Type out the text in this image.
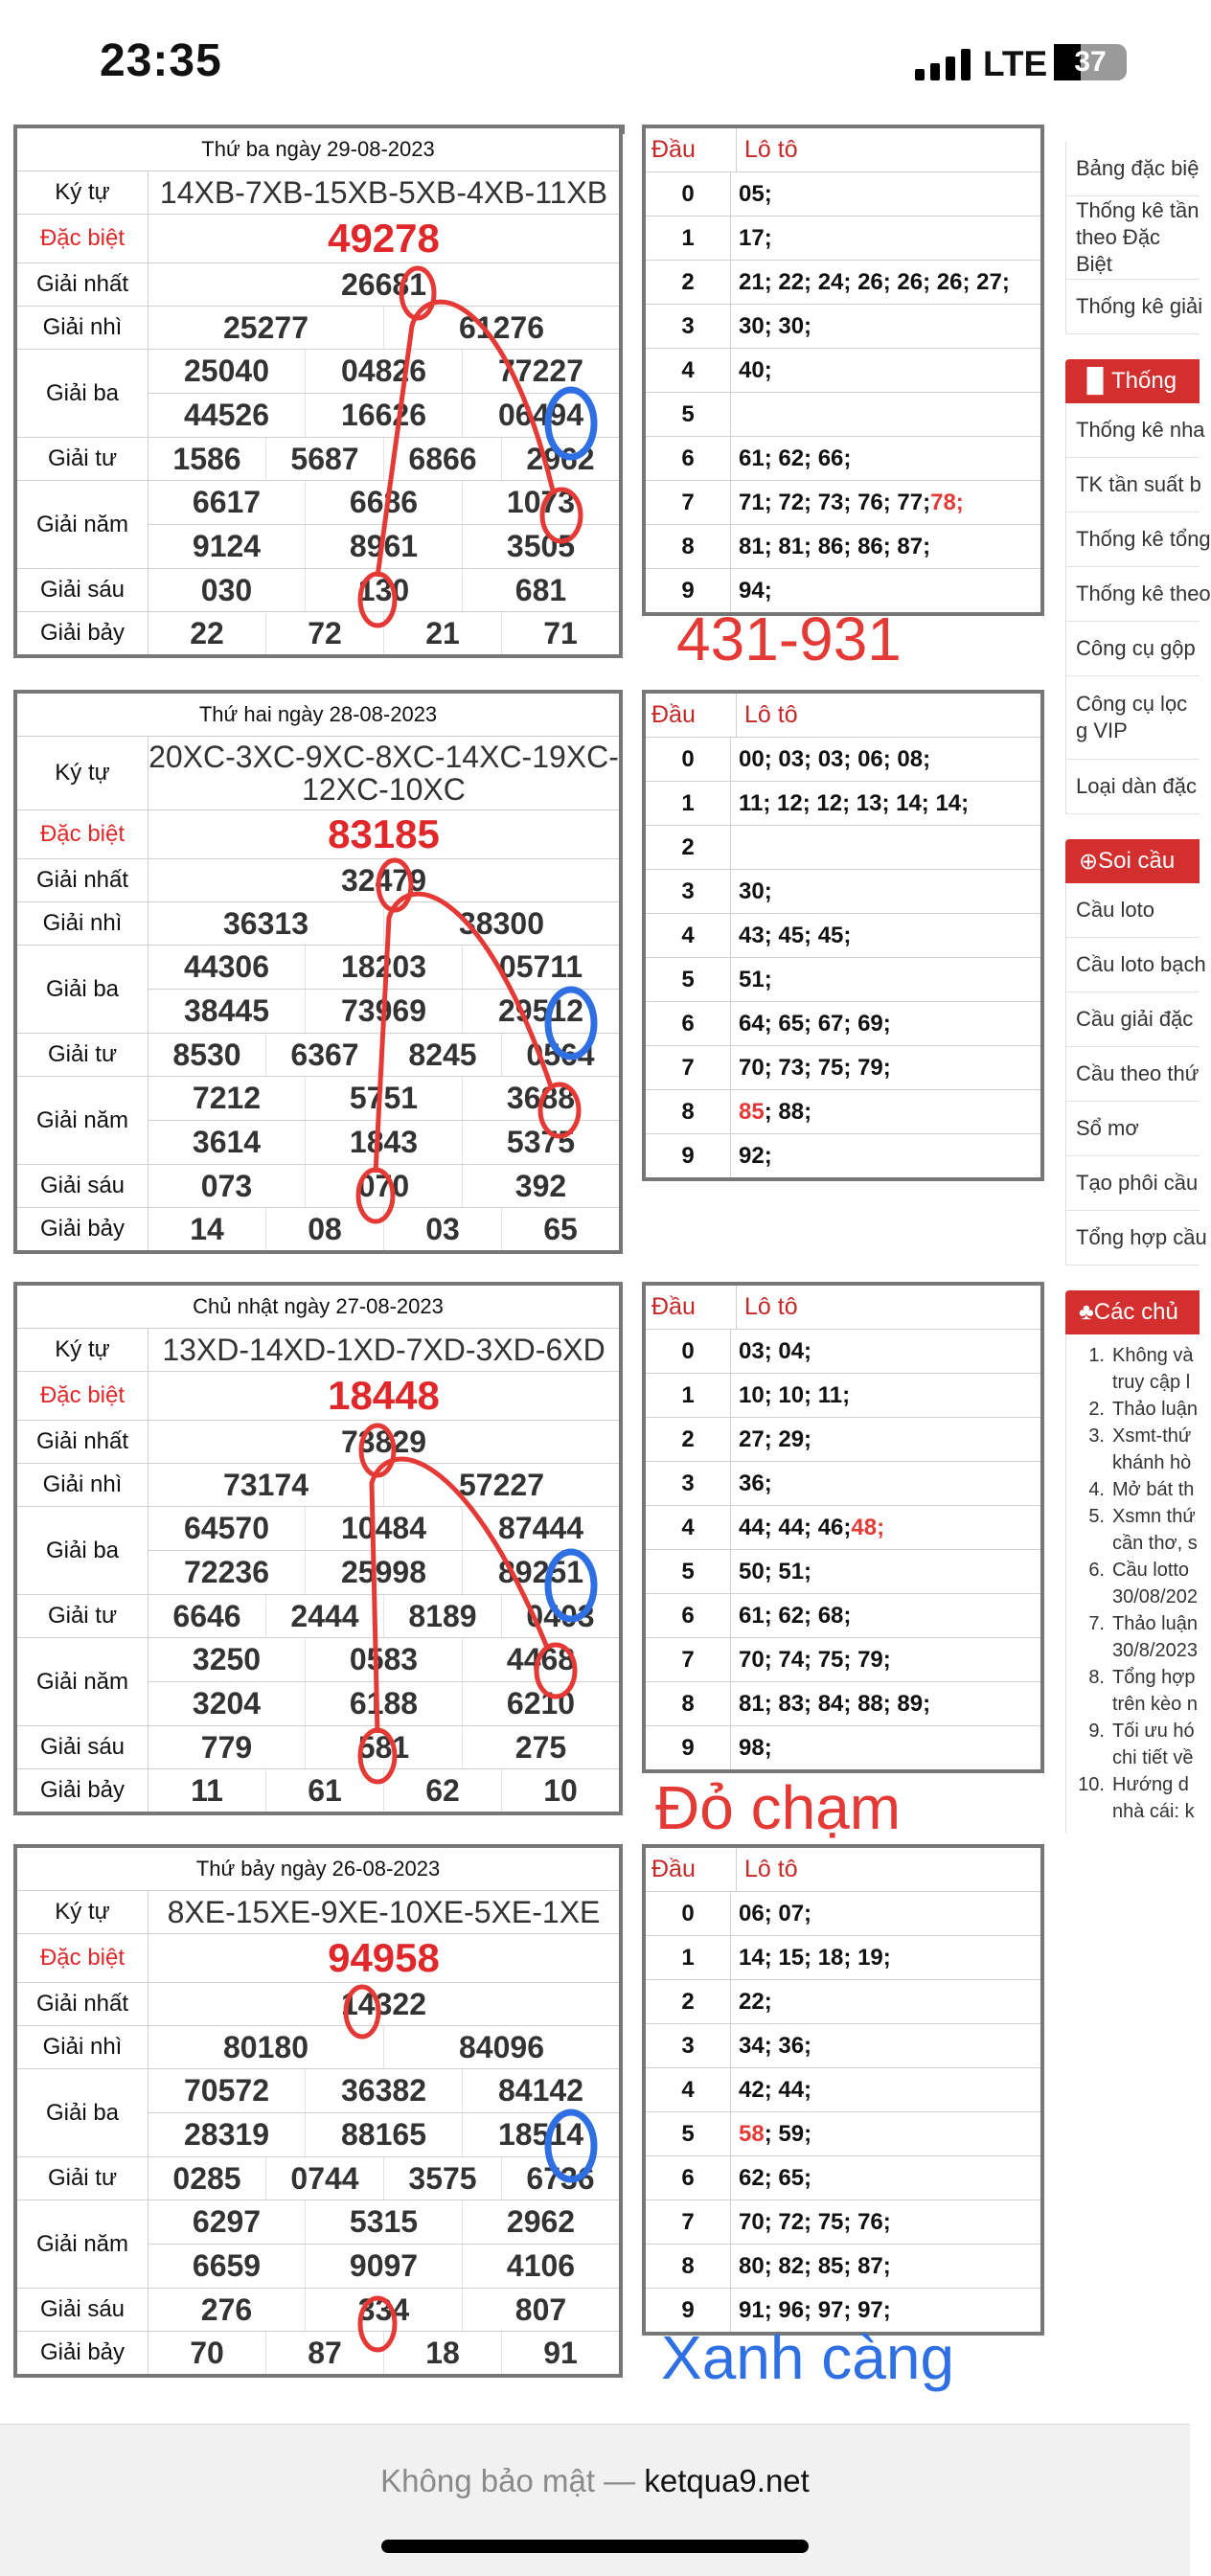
23:35	LTE 37
Thứ ba ngày 29-08-2023
Ký tự	14XB-7XB-15XB-5XB-4XB-11XB
Đặc biệt	49278
Giải nhất	26681
Giải nhì	25277	61276
Giải ba
25040	04826	77227
44526	16626	06494
Giải tư	1586	5687	6866	2962
Giải năm
6617	6686	1073
9124	8961	3505
Giải sáu	030	130	681
Giải bảy	22	72	21	71
Đầu	Lô tô
0	05;
1	17;
2	21; 22; 24; 26; 26; 26; 27;
3	30; 30;
4	40;
5
6	61; 62; 66;
7	71; 72; 73; 76; 77; 78;
8	81; 81; 86; 86; 87;
9	94;
Thứ hai ngày 28-08-2023
Ký tự	20XC-3XC-9XC-8XC-14XC-19XC-12XC-10XC
Đặc biệt	83185
Giải nhất	32479
Giải nhì	36313	38300
Giải ba
44306	18203	05711
38445	73969	29512
Giải tư	8530	6367	8245	0564
Giải năm
7212	5751	3688
3614	1843	5375
Giải sáu	073	070	392
Giải bảy	14	08	03	65
Đầu	Lô tô
0	00; 03; 03; 06; 08;
1	11; 12; 12; 13; 14; 14;
2
3	30;
4	43; 45; 45;
5	51;
6	64; 65; 67; 69;
7	70; 73; 75; 79;
8	85 ; 88;
9	92;
Chủ nhật ngày 27-08-2023
Ký tự	13XD-14XD-1XD-7XD-3XD-6XD
Đặc biệt	18448
Giải nhất	73829
Giải nhì	73174	57227
Giải ba
64570	10484	87444
72236	25998	89251
Giải tư	6646	2444	8189	0403
Giải năm
3250	0583	4468
3204	6188	6210
Giải sáu	779	581	275
Giải bảy	11	61	62	10
Đầu	Lô tô
0	03; 04;
1	10; 10; 11;
2	27; 29;
3	36;
4	44; 44; 46; 48;
5	50; 51;
6	61; 62; 68;
7	70; 74; 75; 79;
8	81; 83; 84; 88; 89;
9	98;
Thứ bảy ngày 26-08-2023
Ký tự	8XE-15XE-9XE-10XE-5XE-1XE
Đặc biệt	94958
Giải nhất	14322
Giải nhì	80180	84096
Giải ba
70572	36382	84142
28319	88165	18514
Giải tư	0285	0744	3575	6736
Giải năm
6297	5315	2962
6659	9097	4106
Giải sáu	276	334	807
Giải bảy	70	87	18	91
Đầu	Lô tô
0	06; 07;
1	14; 15; 18; 19;
2	22;
3	34; 36;
4	42; 44;
5	58 ; 59;
6	62; 65;
7	70; 72; 75; 76;
8	80; 82; 85; 87;
9	91; 96; 97; 97;
431-931
Đỏ chạm
Xanh càng
Bảng đặc biệ
Thống kê tần theo Đặc Biệt
Thống kê giải
▐▌ Thống
Thống kê nha
TK tần suất b
Thống kê tổng
Thống kê theo
Công cụ gộp
Công cụ lọc g VIP
Loại dàn đặc
⊕ Soi cầu
Cầu loto
Cầu loto bạch
Cầu giải đặc
Cầu theo thứ
Sổ mơ
Tạo phôi cầu
Tổng hợp cầu
♣ Các chủ
1. Không và
truy cập l
2. Thảo luận
3. Xsmt-thứ
khánh hò
4. Mở bát th
5. Xsmn thứ
cần thơ, s
6. Cầu lotto
30/08/202
7. Thảo luận
30/8/2023
8. Tổng hợp
trên kèo n
9. Tối ưu hó
chi tiết về
10. Hướng d
nhà cái: k
Không bảo mật — ketqua9.net
